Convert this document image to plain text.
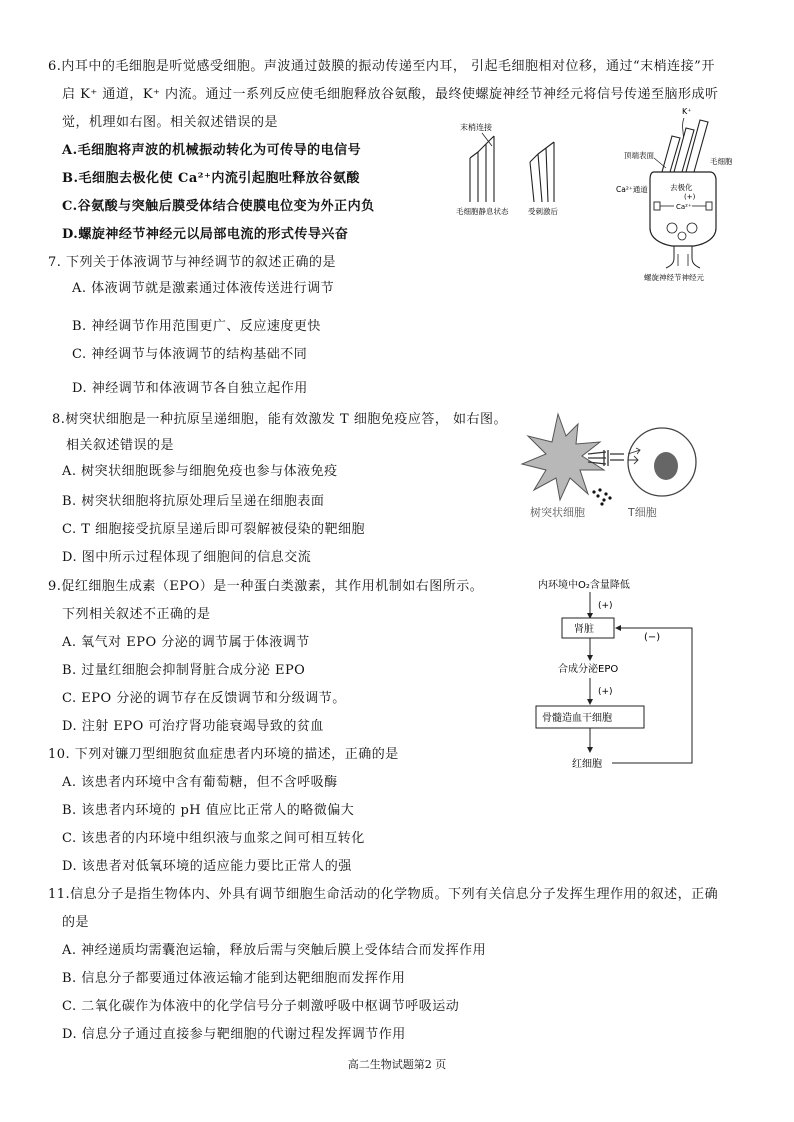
6.内耳中的毛细胞是听觉感受细胞。声波通过鼓膜的振动传递至内耳， 引起毛细胞相对位移，通过“末梢连接”开
启 K⁺ 通道，K⁺ 内流。通过一系列反应使毛细胞释放谷氨酸，最终使螺旋神经节神经元将信号传递至脑形成听
觉，机理如右图。相关叙述错误的是
A.毛细胞将声波的机械振动转化为可传导的电信号
B.毛细胞去极化使 Ca²⁺内流引起胞吐释放谷氨酸
C.谷氨酸与突触后膜受体结合使膜电位变为外正内负
D.螺旋神经节神经元以局部电流的形式传导兴奋
末梢连接
毛细胞静息状态	受刺激后
K⁺
顶端表面
毛细胞
去极化
(+)
Ca²⁺通道
Ca²⁺
螺旋神经节神经元
7. 下列关于体液调节与神经调节的叙述正确的是
A. 体液调节就是激素通过体液传送进行调节
B. 神经调节作用范围更广、反应速度更快
C. 神经调节与体液调节的结构基础不同
D. 神经调节和体液调节各自独立起作用
8.树突状细胞是一种抗原呈递细胞，能有效激发 T 细胞免疫应答， 如右图。
相关叙述错误的是
A. 树突状细胞既参与细胞免疫也参与体液免疫
B. 树突状细胞将抗原处理后呈递在细胞表面
C. T 细胞接受抗原呈递后即可裂解被侵染的靶细胞
D. 图中所示过程体现了细胞间的信息交流
树突状细胞	T细胞
9.促红细胞生成素（EPO）是一种蛋白类激素，其作用机制如右图所示。
下列相关叙述不正确的是
A. 氧气对 EPO 分泌的调节属于体液调节
B. 过量红细胞会抑制肾脏合成分泌 EPO
C. EPO 分泌的调节存在反馈调节和分级调节。
D. 注射 EPO 可治疗肾功能衰竭导致的贫血
内环境中O₂含量降低
(+)
肾脏
(−)
合成分泌EPO
(+)
骨髓造血干细胞
红细胞
10. 下列对镰刀型细胞贫血症患者内环境的描述，正确的是
A. 该患者内环境中含有葡萄糖，但不含呼吸酶
B. 该患者内环境的 pH 值应比正常人的略微偏大
C. 该患者的内环境中组织液与血浆之间可相互转化
D. 该患者对低氧环境的适应能力要比正常人的强
11.信息分子是指生物体内、外具有调节细胞生命活动的化学物质。下列有关信息分子发挥生理作用的叙述，正确
的是
A. 神经递质均需囊泡运输，释放后需与突触后膜上受体结合而发挥作用
B. 信息分子都要通过体液运输才能到达靶细胞而发挥作用
C. 二氧化碳作为体液中的化学信号分子刺激呼吸中枢调节呼吸运动
D. 信息分子通过直接参与靶细胞的代谢过程发挥调节作用
高二生物试题第2 页
